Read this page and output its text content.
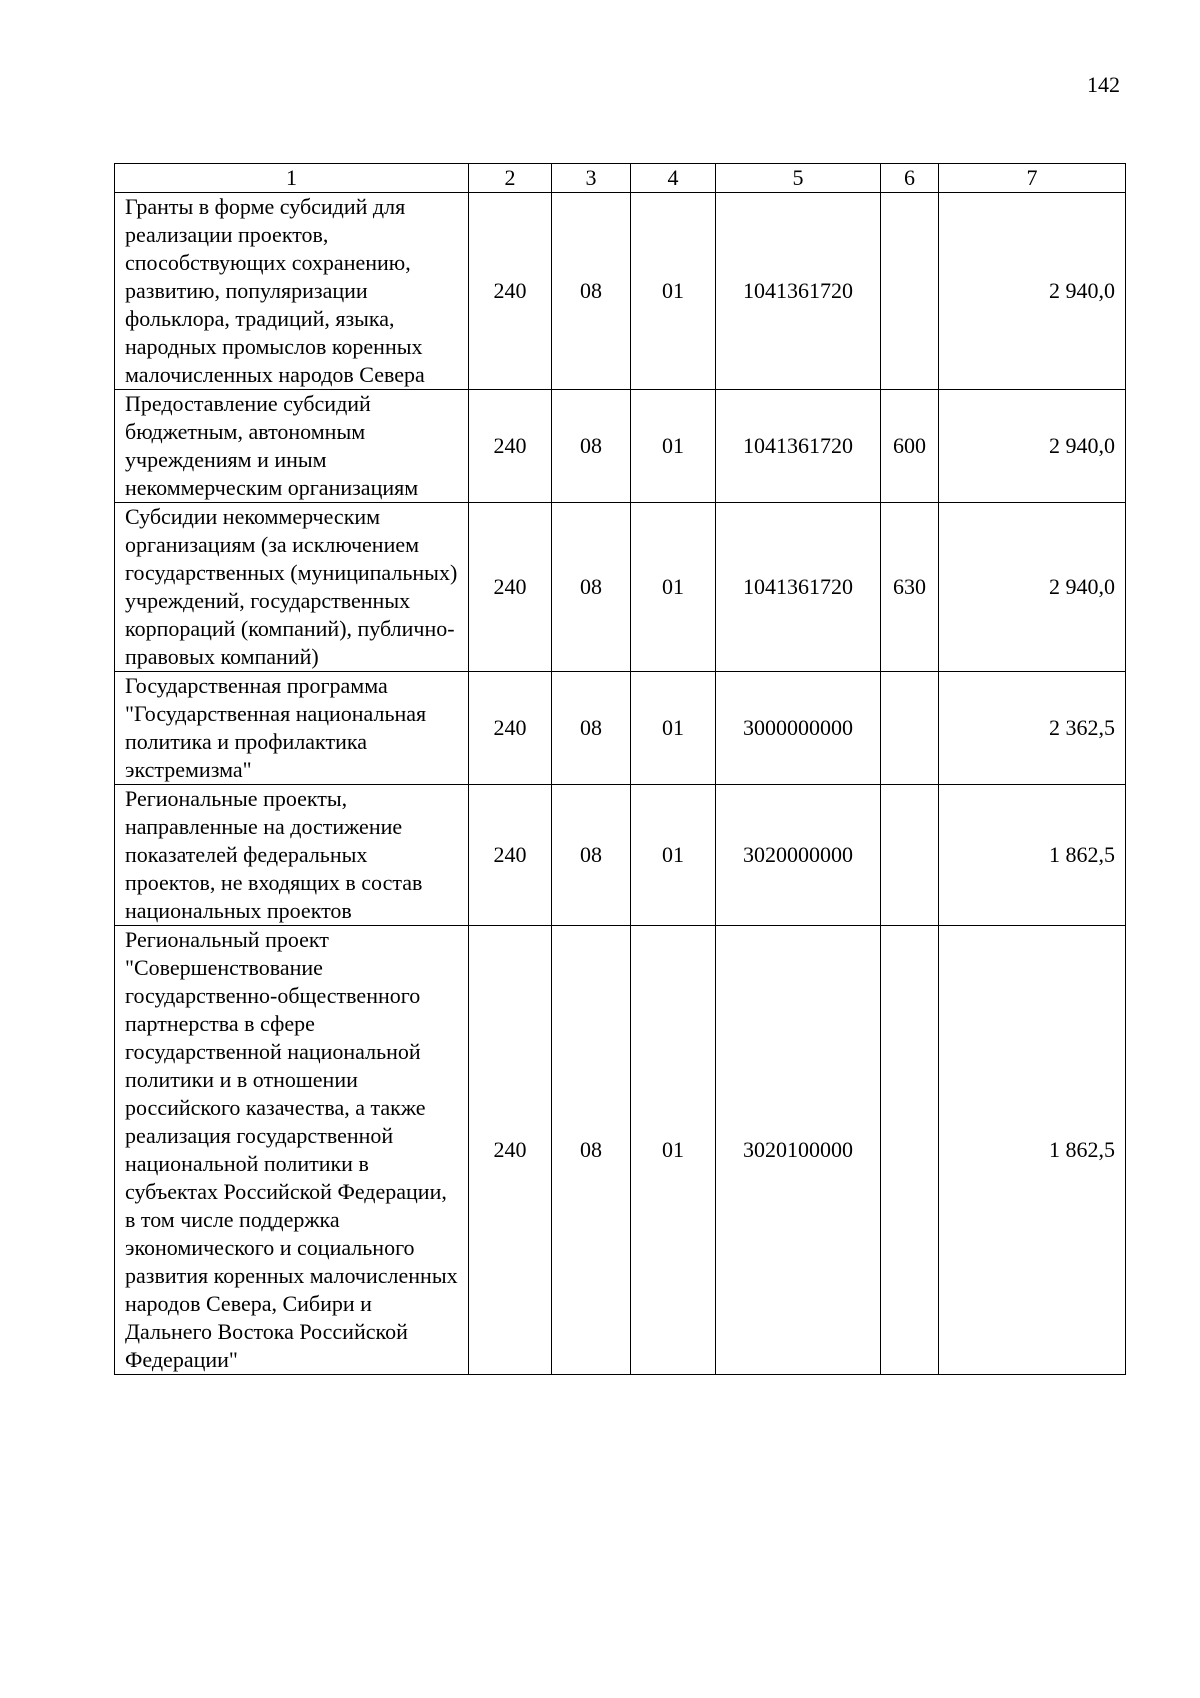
142
1	2	3	4	5	6	7
Гранты в форме субсидий для реализации проектов, способствующих сохранению, развитию, популяризации фольклора, традиций, языка, народных промыслов коренных малочисленных народов Севера	240	08	01	1041361720		2 940,0
Предоставление субсидий бюджетным, автономным учреждениям и иным некоммерческим организациям	240	08	01	1041361720	600	2 940,0
Субсидии некоммерческим организациям (за исключением государственных (муниципальных) учреждений, государственных корпораций (компаний), публично-правовых компаний)	240	08	01	1041361720	630	2 940,0
Государственная программа "Государственная национальная политика и профилактика экстремизма"	240	08	01	3000000000		2 362,5
Региональные проекты, направленные на достижение показателей федеральных проектов, не входящих в состав национальных проектов	240	08	01	3020000000		1 862,5
Региональный проект "Совершенствование государственно-общественного партнерства в сфере государственной национальной политики и в отношении российского казачества, а также реализация государственной национальной политики в субъектах Российской Федерации, в том числе поддержка экономического и социального развития коренных малочисленных народов Севера, Сибири и Дальнего Востока Российской Федерации"	240	08	01	3020100000		1 862,5
